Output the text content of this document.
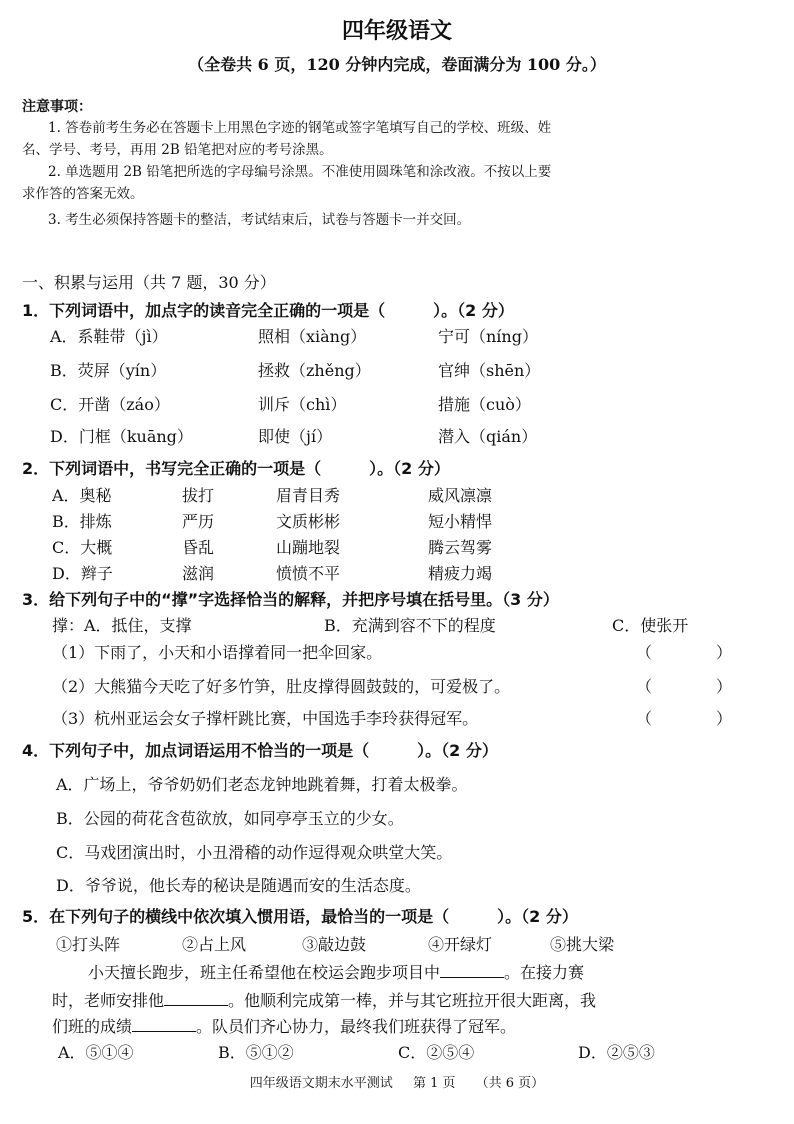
四年级语文
（全卷共 6 页，120 分钟内完成，卷面满分为 100 分。）
注意事项：
1. 答卷前考生务必在答题卡上用黑色字迹的钢笔或签字笔填写自己的学校、班级、姓
名、学号、考号，再用 2B 铅笔把对应的考号涂黑。
2. 单选题用 2B 铅笔把所选的字母编号涂黑。不准使用圆珠笔和涂改液。不按以上要
求作答的答案无效。
3. 考生必须保持答题卡的整洁，考试结束后，试卷与答题卡一并交回。
一、积累与运用（共 7 题，30 分）
1．下列词语中，加点字的读音完全正确的一项是（　　　）。（2 分）
A．系鞋带（jì）	照相（xiàng）	宁可（níng）
B．荧屏（yín）	拯救（zhěng）	官绅（shēn）
C．开凿（záo）	训斥（chì）	措施（cuò）
D．门框（kuāng）	即使（jí）	潜入（qián）
2．下列词语中，书写完全正确的一项是（　　　）。（2 分）
A．奥秘	拔打	眉青目秀	威风凛凛
B．排炼	严历	文质彬彬	短小精悍
C．大概	昏乱	山蹦地裂	腾云驾雾
D．辫子	滋润	愤愤不平	精疲力竭
3．给下列句子中的“撑”字选择恰当的解释，并把序号填在括号里。（3 分）
撑：A．抵住，支撑	B．充满到容不下的程度	C．使张开
（1）下雨了，小天和小语撑着同一把伞回家。	（　　　　）
（2）大熊猫今天吃了好多竹笋，肚皮撑得圆鼓鼓的，可爱极了。	（　　　　）
（3）杭州亚运会女子撑杆跳比赛，中国选手李玲获得冠军。	（　　　　）
4．下列句子中，加点词语运用不恰当的一项是（　　　）。（2 分）
A．广场上，爷爷奶奶们老态龙钟地跳着舞，打着太极拳。
B．公园的荷花含苞欲放，如同亭亭玉立的少女。
C．马戏团演出时，小丑滑稽的动作逗得观众哄堂大笑。
D．爷爷说，他长寿的秘诀是随遇而安的生活态度。
5．在下列句子的横线中依次填入惯用语，最恰当的一项是（　　　）。（2 分）
①打头阵	②占上风	③敲边鼓	④开绿灯	⑤挑大梁
小天擅长跑步，班主任希望他在校运会跑步项目中	。在接力赛
时，老师安排他	。他顺利完成第一棒，并与其它班拉开很大距离，我
们班的成绩	。队员们齐心协力，最终我们班获得了冠军。
A．⑤①④	B．⑤①②	C．②⑤④	D．②⑤③
四年级语文期末水平测试 第 1 页 （共 6 页）
